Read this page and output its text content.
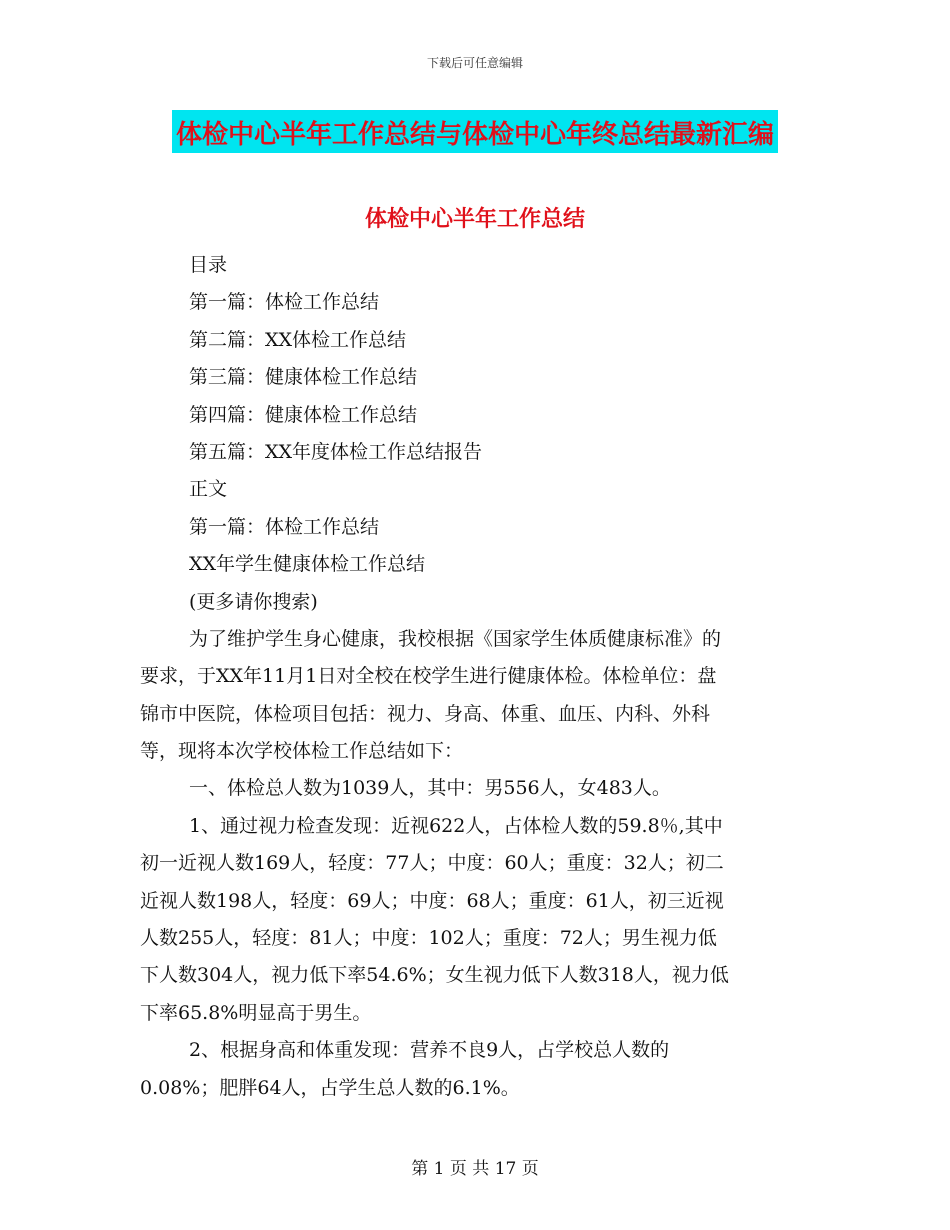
下载后可任意编辑
体检中心半年工作总结与体检中心年终总结最新汇编
体检中心半年工作总结
目录
第一篇：体检工作总结
第二篇：XX体检工作总结
第三篇：健康体检工作总结
第四篇：健康体检工作总结
第五篇：XX年度体检工作总结报告
正文
第一篇：体检工作总结
XX年学生健康体检工作总结
(更多请你搜索)
为了维护学生身心健康，我校根据《国家学生体质健康标准》的
要求，于XX年11月1日对全校在校学生进行健康体检。体检单位：盘
锦市中医院，体检项目包括：视力、身高、体重、血压、内科、外科
等，现将本次学校体检工作总结如下：
一、体检总人数为1039人，其中：男556人，女483人。
1、通过视力检查发现：近视622人，占体检人数的59.8％,其中
初一近视人数169人，轻度：77人；中度：60人；重度：32人；初二
近视人数198人，轻度：69人；中度：68人；重度：61人，初三近视
人数255人，轻度：81人；中度：102人；重度：72人；男生视力低
下人数304人，视力低下率54.6%；女生视力低下人数318人，视力低
下率65.8%明显高于男生。
2、根据身高和体重发现：营养不良9人，占学校总人数的
0.08%；肥胖64人，占学生总人数的6.1%。
第 1 页 共 17 页
